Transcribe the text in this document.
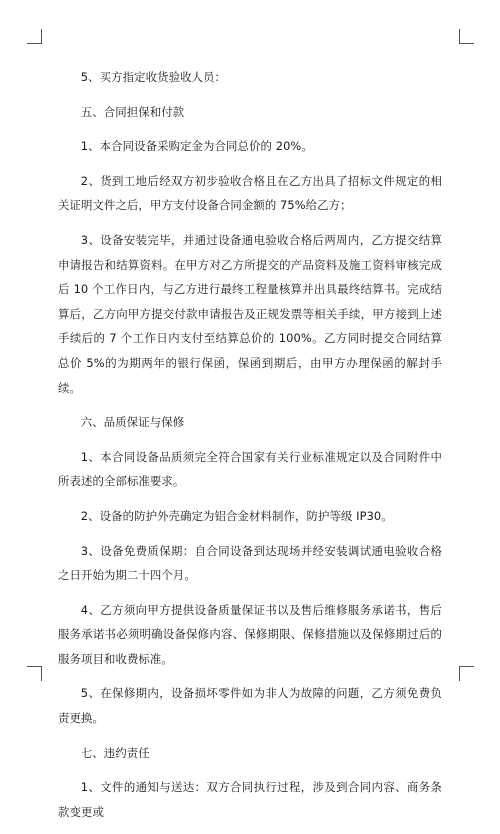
5、买方指定收货验收人员：

五、合同担保和付款

1、本合同设备采购定金为合同总价的 20%。

2、货到工地后经双方初步验收合格且在乙方出具了招标文件规定的相关证明文件之后，甲方支付设备合同金额的 75%给乙方；

3、设备安装完毕，并通过设备通电验收合格后两周内，乙方提交结算申请报告和结算资料。在甲方对乙方所提交的产品资料及施工资料审核完成后 10 个工作日内，与乙方进行最终工程量核算并出具最终结算书。完成结算后，乙方向甲方提交付款申请报告及正规发票等相关手续，甲方接到上述手续后的 7 个工作日内支付至结算总价的 100%。乙方同时提交合同结算总价 5%的为期两年的银行保函，保函到期后，由甲方办理保函的解封手续。

六、品质保证与保修

1、本合同设备品质须完全符合国家有关行业标准规定以及合同附件中所表述的全部标准要求。

2、设备的防护外壳确定为铝合金材料制作，防护等级 IP30。

3、设备免费质保期：自合同设备到达现场并经安装调试通电验收合格之日开始为期二十四个月。

4、乙方须向甲方提供设备质量保证书以及售后维修服务承诺书，售后服务承诺书必须明确设备保修内容、保修期限、保修措施以及保修期过后的服务项目和收费标准。

5、在保修期内，设备损坏零件如为非人为故障的问题，乙方须免费负责更换。

七、违约责任

1、文件的通知与送达：双方合同执行过程，涉及到合同内容、商务条款变更或
